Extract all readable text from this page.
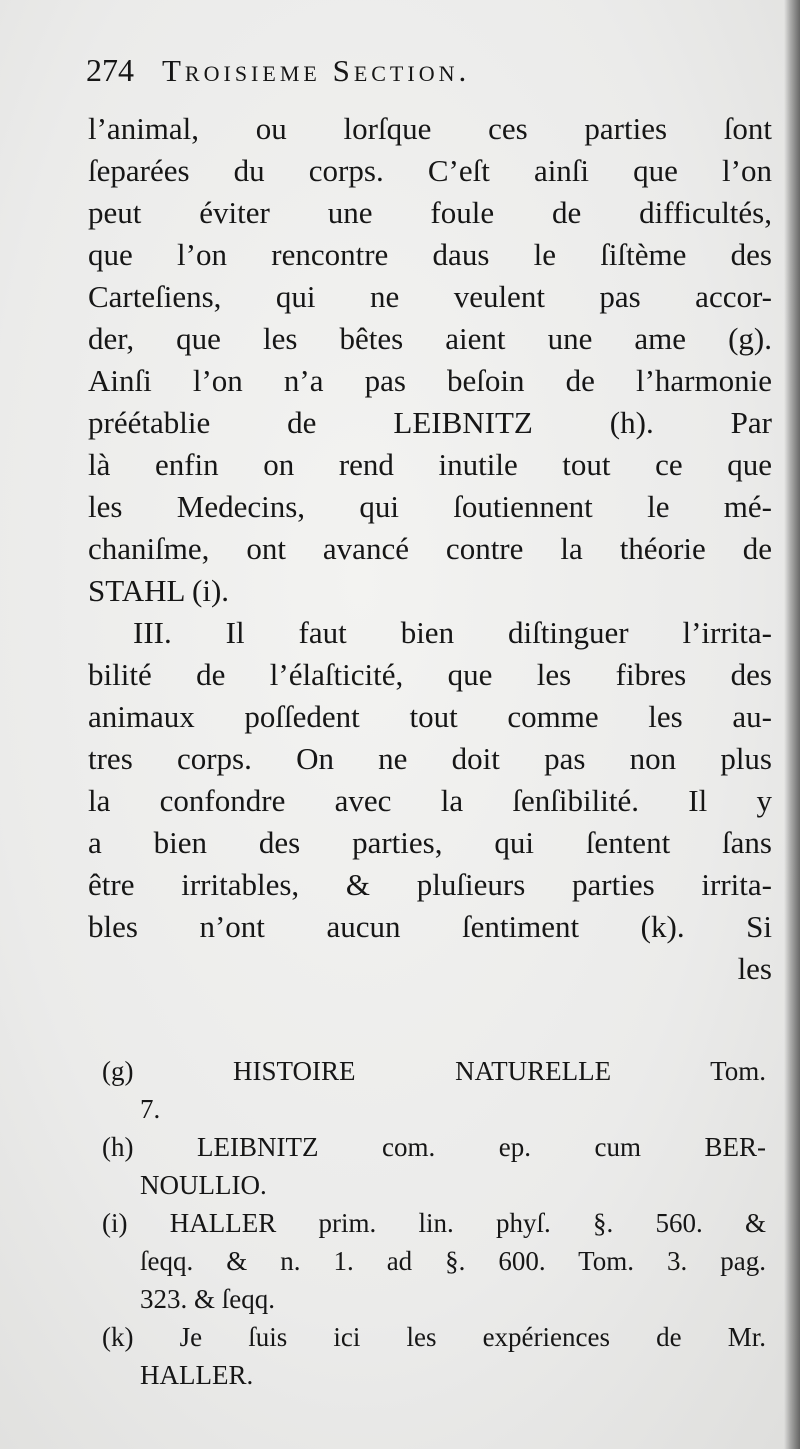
274 Troisieme Section.
l’animal, ou lorſque ces parties ſont
ſeparées du corps. C’eſt ainſi que l’on
peut éviter une foule de difficultés,
que l’on rencontre daus le ſiſtème des
Carteſiens, qui ne veulent pas accor-
der, que les bêtes aient une ame (g).
Ainſi l’on n’a pas beſoin de l’harmonie
préétablie de LEIBNITZ (h). Par
là enfin on rend inutile tout ce que
les Medecins, qui ſoutiennent le mé-
chaniſme, ont avancé contre la théorie de
STAHL (i).
III. Il faut bien diſtinguer l’irrita-
bilité de l’élaſticité, que les fibres des
animaux poſſedent tout comme les au-
tres corps. On ne doit pas non plus
la confondre avec la ſenſibilité. Il y
a bien des parties, qui ſentent ſans
être irritables, & pluſieurs parties irrita-
bles n’ont aucun ſentiment (k). Si
les
(g) HISTOIRE NATURELLE Tom.
7.
(h) LEIBNITZ com. ep. cum BER-
NOULLIO.
(i) HALLER prim. lin. phyſ. §. 560. &
ſeqq. & n. 1. ad §. 600. Tom. 3. pag.
323. & ſeqq.
(k) Je ſuis ici les expériences de Mr.
HALLER.
